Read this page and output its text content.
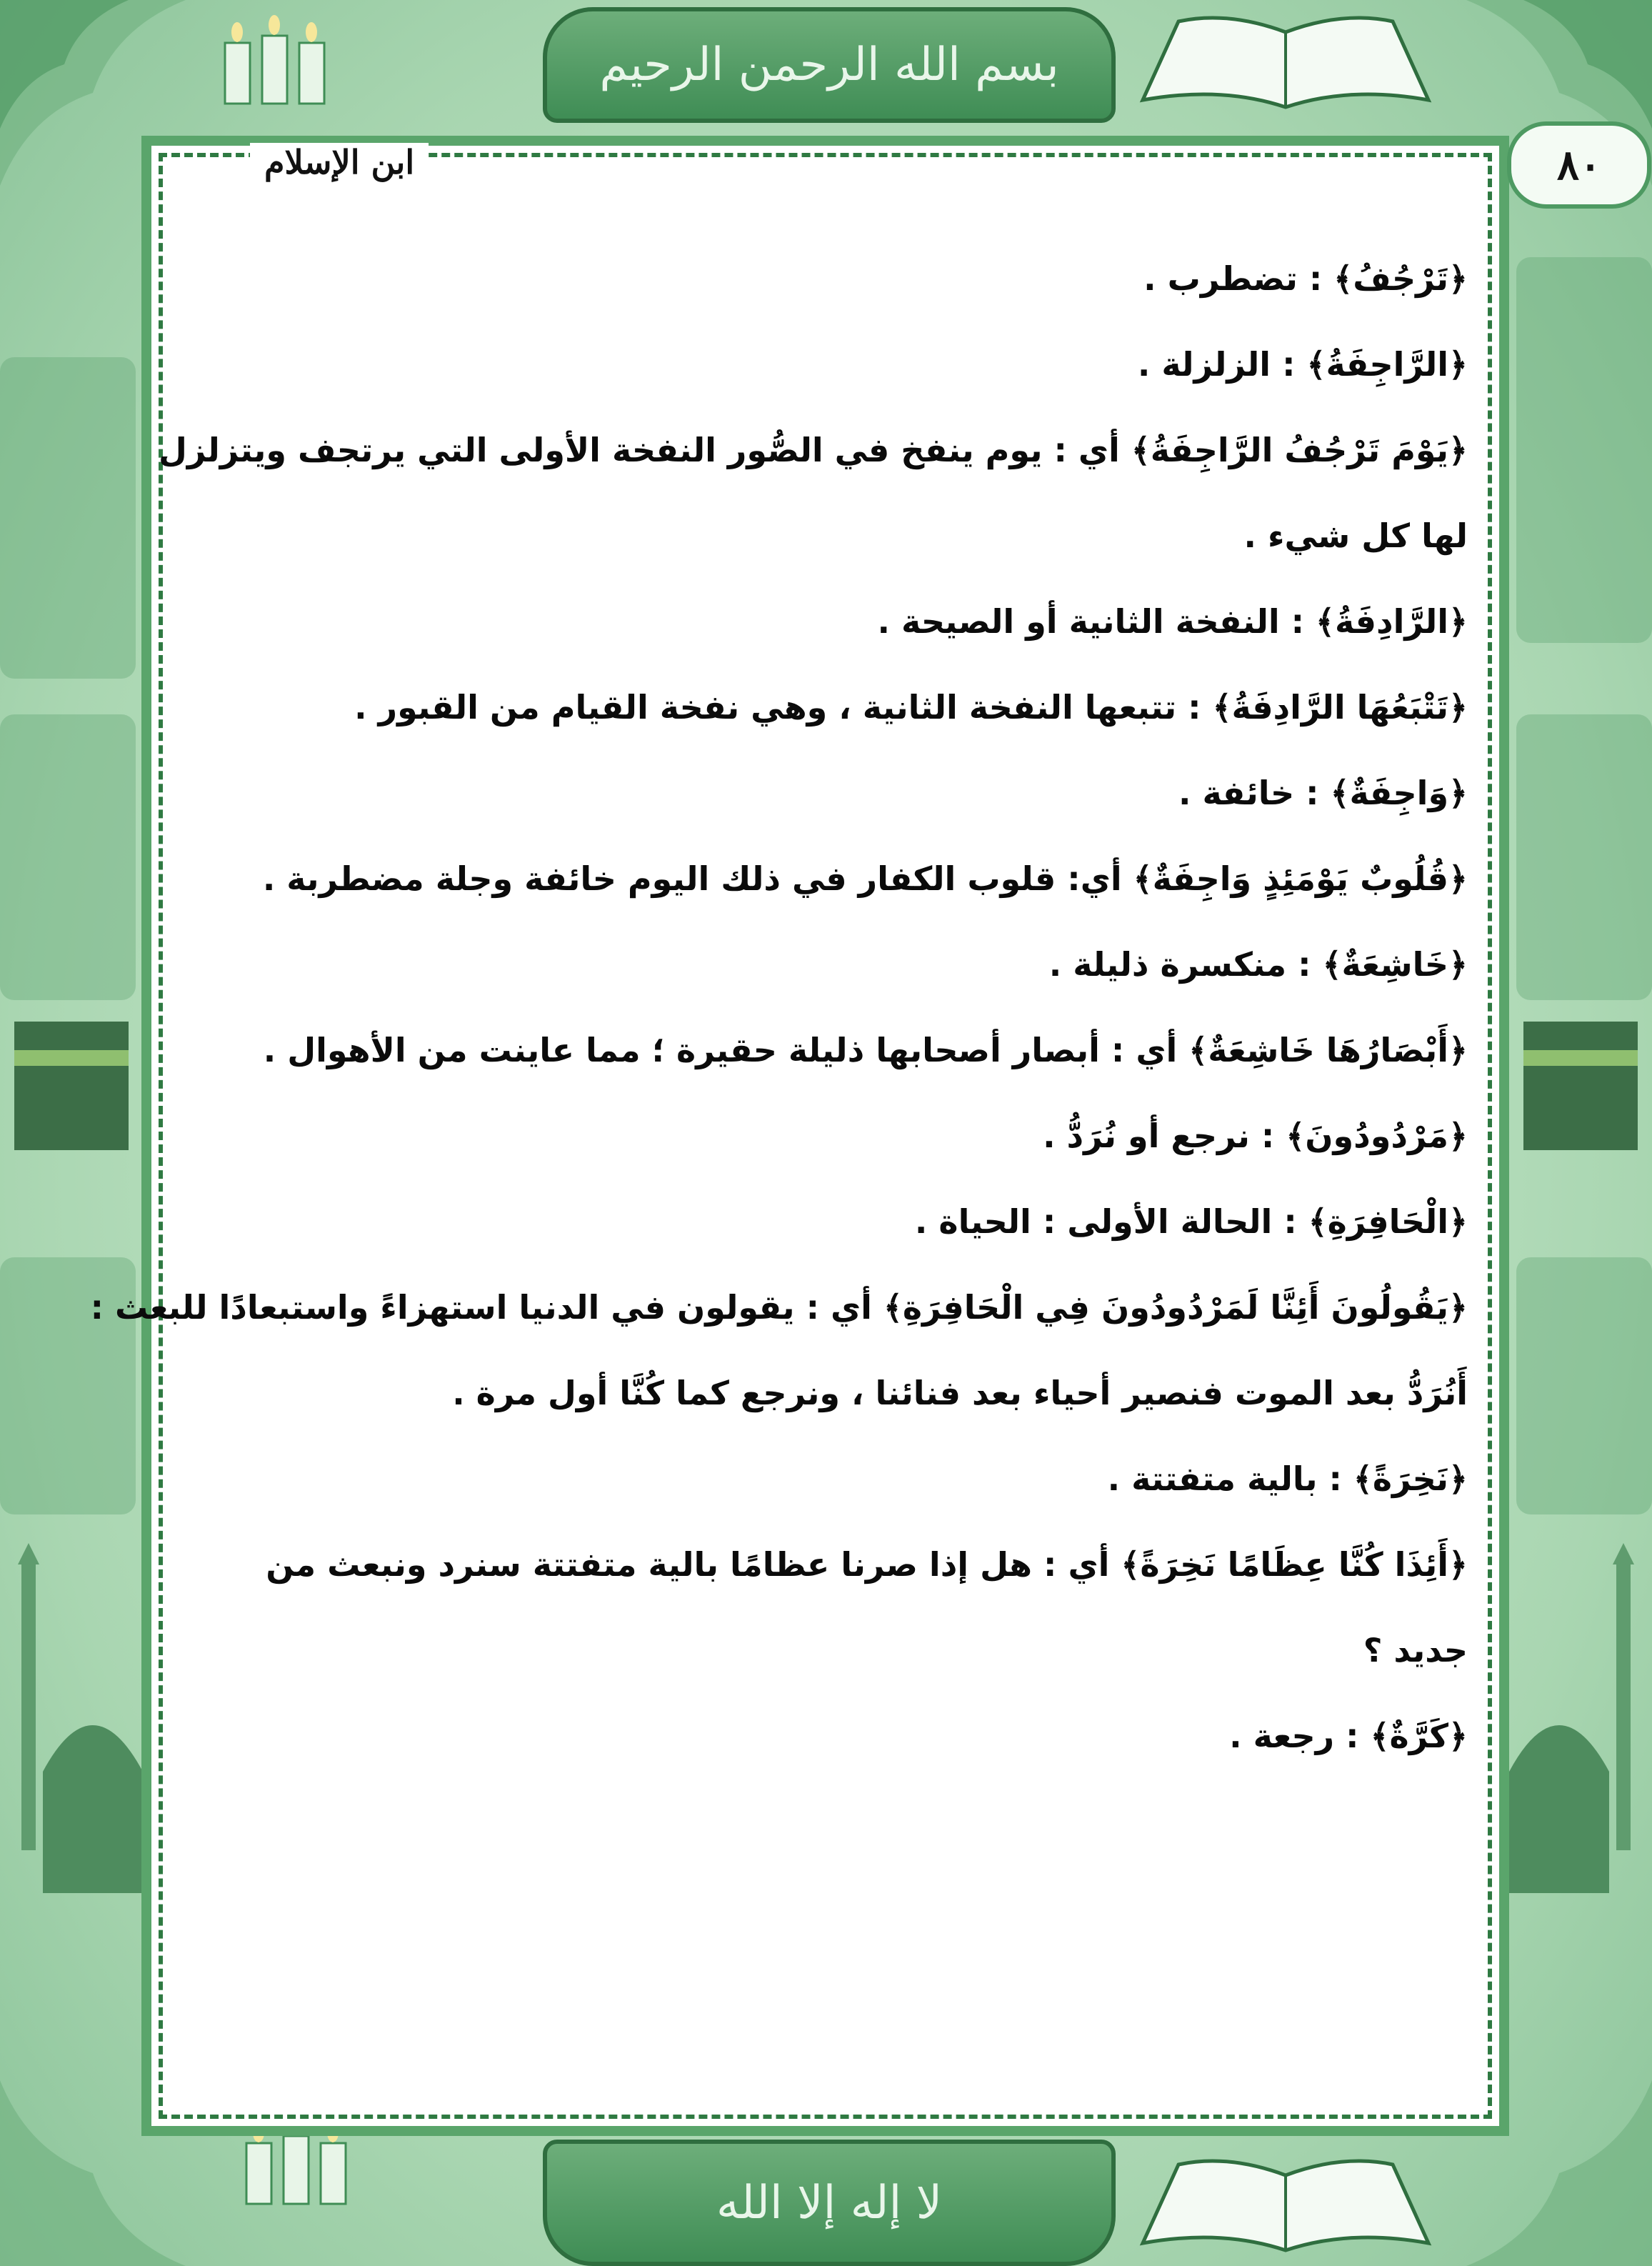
بسم الله الرحمن الرحيم
لا إله إلا الله
ابن الإسلام	٨٠
﴿تَرْجُفُ﴾ : تضطرب .
﴿الرَّاجِفَةُ﴾ : الزلزلة .
﴿يَوْمَ تَرْجُفُ الرَّاجِفَةُ﴾ أي : يوم ينفخ في الصُّور النفخة الأولى التي يرتجف ويتزلزل
لها كل شيء .
﴿الرَّادِفَةُ﴾ : النفخة الثانية أو الصيحة .
﴿تَتْبَعُهَا الرَّادِفَةُ﴾ : تتبعها النفخة الثانية ، وهي نفخة القيام من القبور .
﴿وَاجِفَةٌ﴾ : خائفة .
﴿قُلُوبٌ يَوْمَئِذٍ وَاجِفَةٌ﴾ أي: قلوب الكفار في ذلك اليوم خائفة وجلة مضطربة .
﴿خَاشِعَةٌ﴾ : منكسرة ذليلة .
﴿أَبْصَارُهَا خَاشِعَةٌ﴾ أي : أبصار أصحابها ذليلة حقيرة ؛ مما عاينت من الأهوال .
﴿مَرْدُودُونَ﴾ : نرجع أو نُرَدُّ .
﴿الْحَافِرَةِ﴾ : الحالة الأولى : الحياة .
﴿يَقُولُونَ أَئِنَّا لَمَرْدُودُونَ فِي الْحَافِرَةِ﴾ أي : يقولون في الدنيا استهزاءً واستبعادًا للبعث :
أَنُرَدُّ بعد الموت فنصير أحياء بعد فنائنا ، ونرجع كما كُنَّا أول مرة .
﴿نَخِرَةً﴾ : بالية متفتتة .
﴿أَئِذَا كُنَّا عِظَامًا نَخِرَةً﴾ أي : هل إذا صرنا عظامًا بالية متفتتة سنرد ونبعث من
جديد ؟
﴿كَرَّةٌ﴾ : رجعة .
